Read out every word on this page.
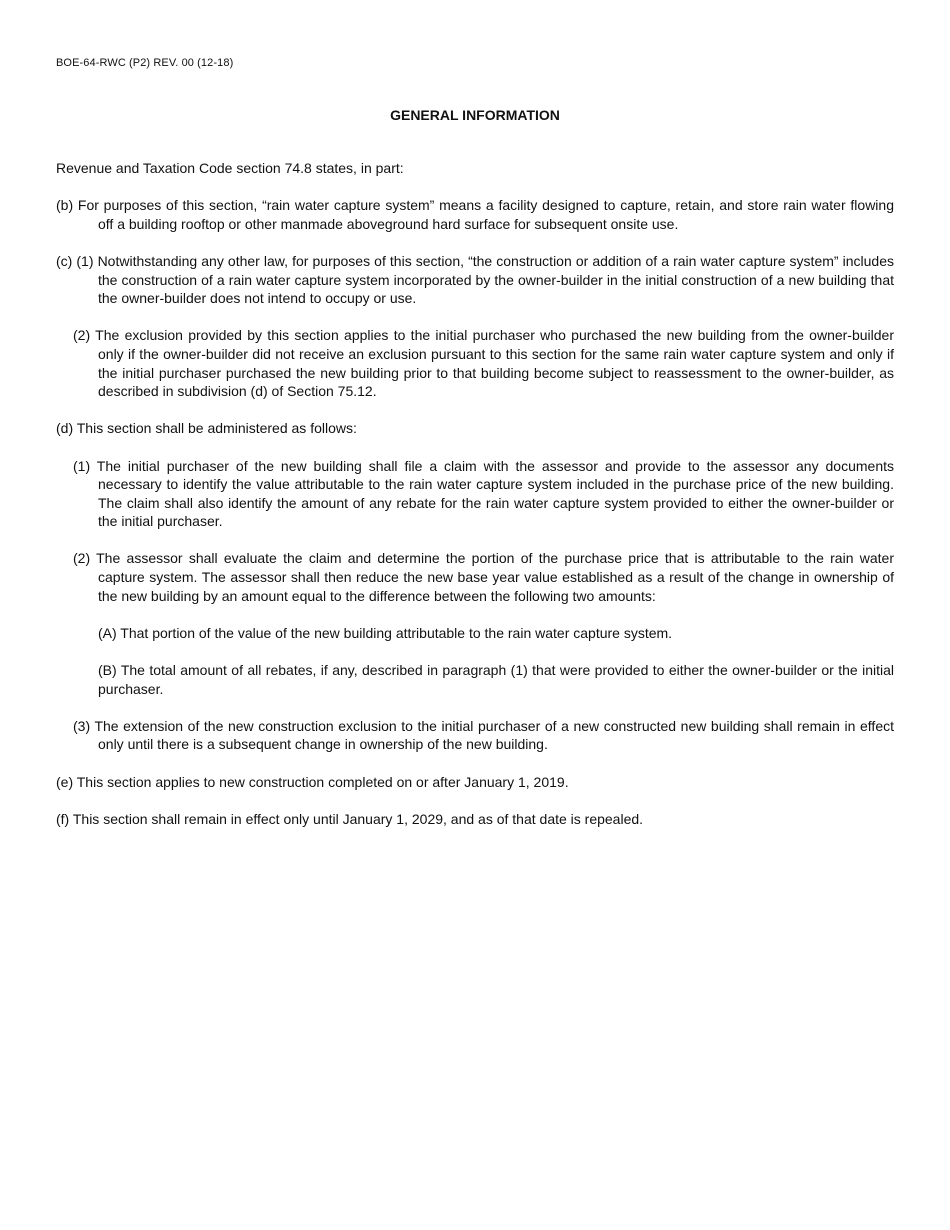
BOE-64-RWC (P2) REV. 00 (12-18)
GENERAL INFORMATION

Revenue and Taxation Code section 74.8 states, in part:

(b) For purposes of this section, “rain water capture system” means a facility designed to capture, retain, and store rain water flowing off a building rooftop or other manmade aboveground hard surface for subsequent onsite use.

(c) (1) Notwithstanding any other law, for purposes of this section, “the construction or addition of a rain water capture system” includes the construction of a rain water capture system incorporated by the owner-builder in the initial construction of a new building that the owner-builder does not intend to occupy or use.

(2) The exclusion provided by this section applies to the initial purchaser who purchased the new building from the owner-builder only if the owner-builder did not receive an exclusion pursuant to this section for the same rain water capture system and only if the initial purchaser purchased the new building prior to that building become subject to reassessment to the owner-builder, as described in subdivision (d) of Section 75.12.

(d) This section shall be administered as follows:

(1) The initial purchaser of the new building shall file a claim with the assessor and provide to the assessor any documents necessary to identify the value attributable to the rain water capture system included in the purchase price of the new building. The claim shall also identify the amount of any rebate for the rain water capture system provided to either the owner-builder or the initial purchaser.

(2) The assessor shall evaluate the claim and determine the portion of the purchase price that is attributable to the rain water capture system. The assessor shall then reduce the new base year value established as a result of the change in ownership of the new building by an amount equal to the difference between the following two amounts:

(A) That portion of the value of the new building attributable to the rain water capture system.

(B) The total amount of all rebates, if any, described in paragraph (1) that were provided to either the owner-builder or the initial purchaser.

(3) The extension of the new construction exclusion to the initial purchaser of a new constructed new building shall remain in effect only until there is a subsequent change in ownership of the new building.

(e) This section applies to new construction completed on or after January 1, 2019.

(f) This section shall remain in effect only until January 1, 2029, and as of that date is repealed.
